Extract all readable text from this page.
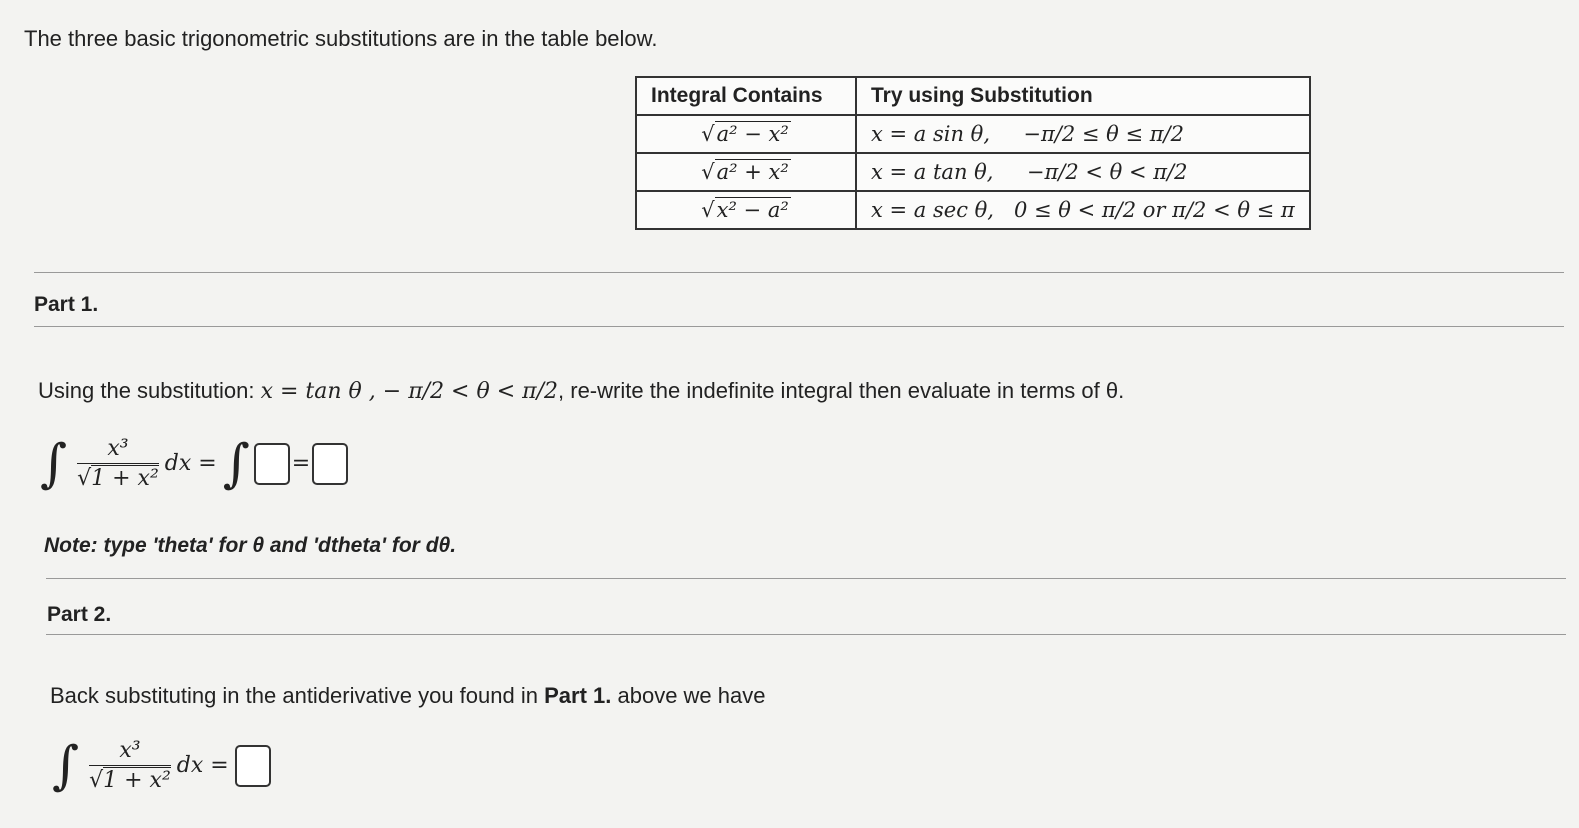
The three basic trigonometric substitutions are in the table below.
Integral Contains	Try using Substitution
√a² − x²	x = a sin θ, −π/2 ≤ θ ≤ π/2
√a² + x²	x = a tan θ, −π/2 < θ < π/2
√x² − a²	x = a sec θ, 0 ≤ θ < π/2 or π/2 < θ ≤ π
Part 1.
Using the substitution: x = tan θ , − π/2 < θ < π/2, re-write the indefinite integral then evaluate in terms of θ.
∫ $\frac{\text{x³}}{\text{√1 + x²}}$ dx = ∫ =
Note: type 'theta' for θ and 'dtheta' for dθ.
Part 2.
Back substituting in the antiderivative you found in Part 1. above we have
∫ $\frac{\text{x³}}{\text{√1 + x²}}$ dx =
